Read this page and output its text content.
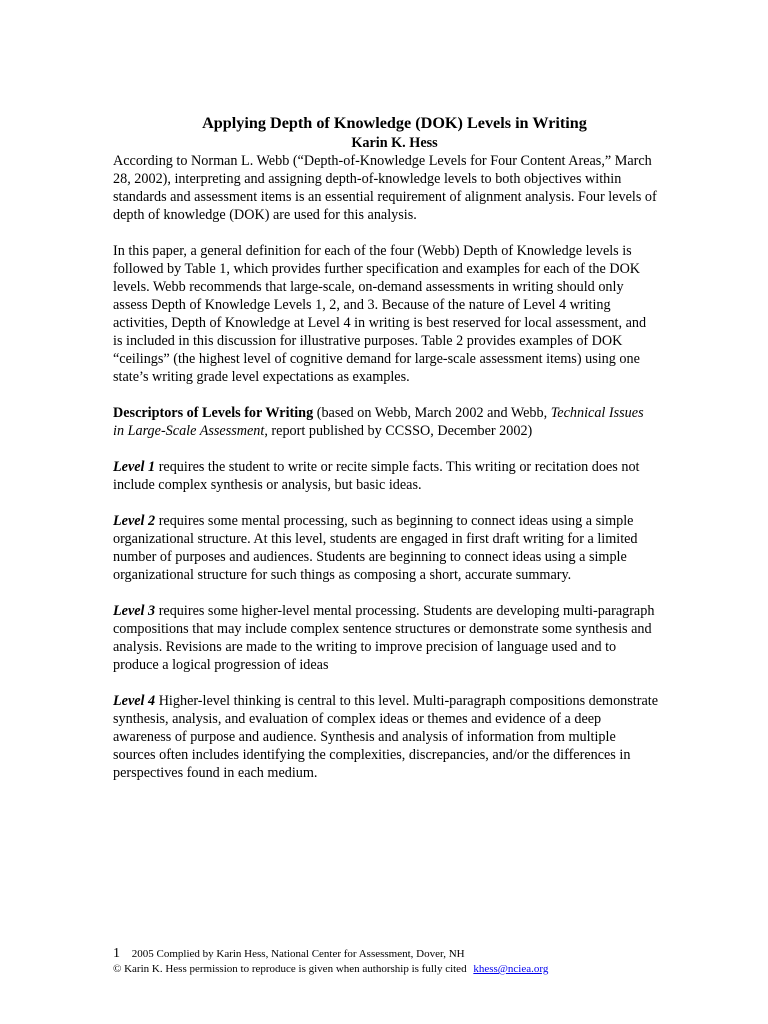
Applying Depth of Knowledge (DOK) Levels in Writing
Karin K. Hess

According to Norman L. Webb (“Depth-of-Knowledge Levels for Four Content Areas,” March 28, 2002), interpreting and assigning depth-of-knowledge levels to both objectives within standards and assessment items is an essential requirement of alignment analysis. Four levels of depth of knowledge (DOK) are used for this analysis.

In this paper, a general definition for each of the four (Webb) Depth of Knowledge levels is followed by Table 1, which provides further specification and examples for each of the DOK levels. Webb recommends that large-scale, on-demand assessments in writing should only assess Depth of Knowledge Levels 1, 2, and 3. Because of the nature of Level 4 writing activities, Depth of Knowledge at Level 4 in writing is best reserved for local assessment, and is included in this discussion for illustrative purposes. Table 2 provides examples of DOK “ceilings” (the highest level of cognitive demand for large-scale assessment items) using one state’s writing grade level expectations as examples.

Descriptors of Levels for Writing (based on Webb, March 2002 and Webb, Technical Issues in Large-Scale Assessment, report published by CCSSO, December 2002)

Level 1 requires the student to write or recite simple facts. This writing or recitation does not include complex synthesis or analysis, but basic ideas.

Level 2 requires some mental processing, such as beginning to connect ideas using a simple organizational structure. At this level, students are engaged in first draft writing for a limited number of purposes and audiences. Students are beginning to connect ideas using a simple organizational structure for such things as composing a short, accurate summary.

Level 3 requires some higher-level mental processing. Students are developing multi-paragraph compositions that may include complex sentence structures or demonstrate some synthesis and analysis. Revisions are made to the writing to improve precision of language used and to produce a logical progression of ideas

Level 4 Higher-level thinking is central to this level. Multi-paragraph compositions demonstrate synthesis, analysis, and evaluation of complex ideas or themes and evidence of a deep awareness of purpose and audience. Synthesis and analysis of information from multiple sources often includes identifying the complexities, discrepancies, and/or the differences in perspectives found in each medium.

1 2005 Complied by Karin Hess, National Center for Assessment, Dover, NH
© Karin K. Hess permission to reproduce is given when authorship is fully cited khess@nciea.org
